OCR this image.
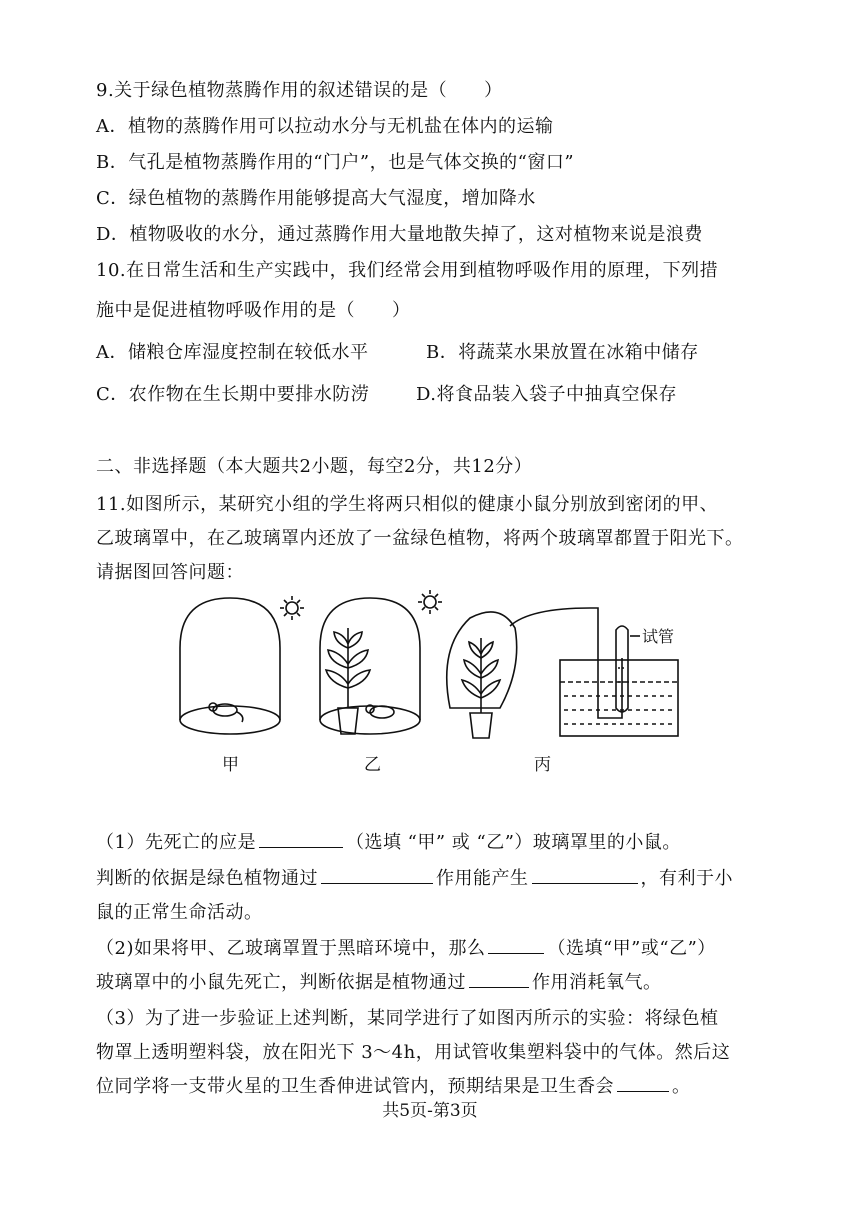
9.关于绿色植物蒸腾作用的叙述错误的是（　　）
A．植物的蒸腾作用可以拉动水分与无机盐在体内的运输
B．气孔是植物蒸腾作用的“门户”，也是气体交换的“窗口”
C．绿色植物的蒸腾作用能够提高大气湿度，增加降水
D．植物吸收的水分，通过蒸腾作用大量地散失掉了，这对植物来说是浪费
10.在日常生活和生产实践中，我们经常会用到植物呼吸作用的原理，下列措
施中是促进植物呼吸作用的是（　　）
A．储粮仓库湿度控制在较低水平	B．将蔬菜水果放置在冰箱中储存
C．农作物在生长期中要排水防涝	D.将食品装入袋子中抽真空保存
二、非选择题（本大题共2小题，每空2分，共12分）
11.如图所示，某研究小组的学生将两只相似的健康小鼠分别放到密闭的甲、
乙玻璃罩中，在乙玻璃罩内还放了一盆绿色植物，将两个玻璃罩都置于阳光下。
请据图回答问题：
甲	乙	丙
试管
（1）先死亡的应是	（选填 “甲” 或 “乙”）玻璃罩里的小鼠。
判断的依据是绿色植物通过	作用能产生	，有利于小
鼠的正常生命活动。
（2)如果将甲、乙玻璃罩置于黑暗环境中，那么	（选填“甲”或“乙”）
玻璃罩中的小鼠先死亡，判断依据是植物通过	作用消耗氧气。
（3）为了进一步验证上述判断，某同学进行了如图丙所示的实验：将绿色植
物罩上透明塑料袋，放在阳光下 3～4h，用试管收集塑料袋中的气体。然后这
位同学将一支带火星的卫生香伸进试管内，预期结果是卫生香会	。
共5页-第3页
